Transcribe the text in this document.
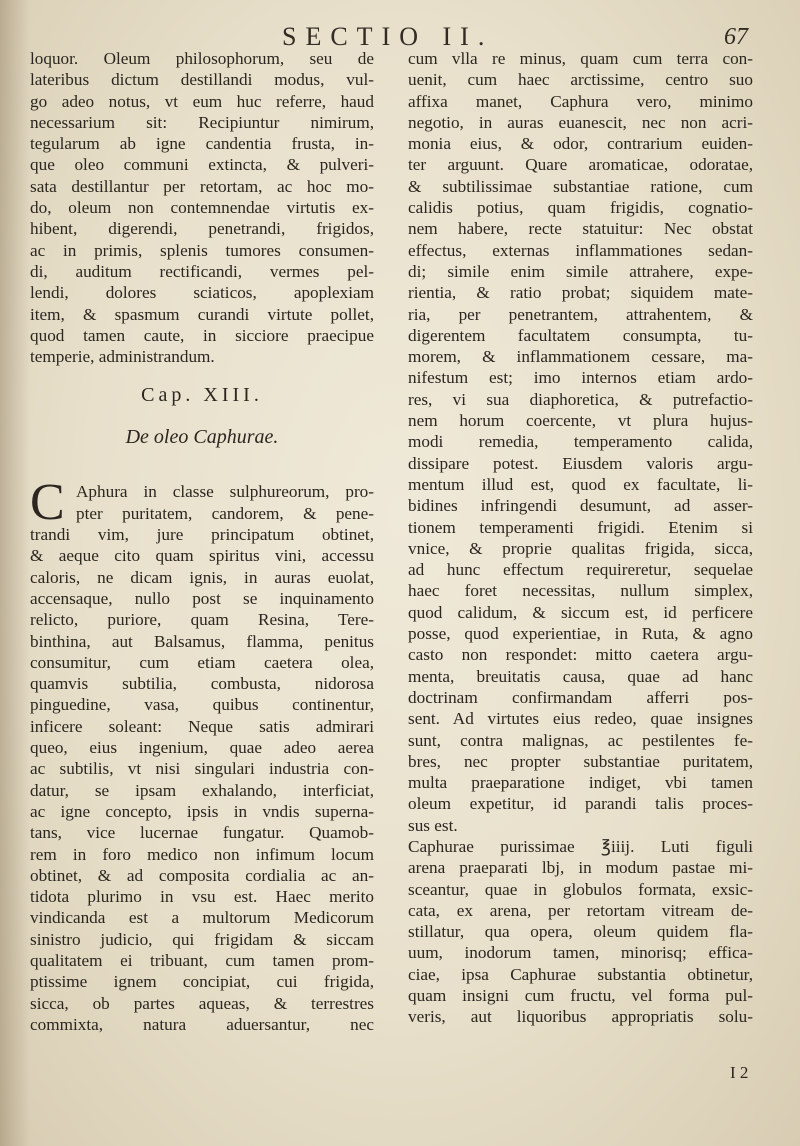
SECTIO II.	67
loquor. Oleum philosophorum, seu de
lateribus dictum destillandi modus, vul-
go adeo notus, vt eum huc referre, haud
necessarium sit: Recipiuntur nimirum,
tegularum ab igne candentia frusta, in-
que oleo communi extincta, & pulveri-
sata destillantur per retortam, ac hoc mo-
do, oleum non contemnendae virtutis ex-
hibent, digerendi, penetrandi, frigidos,
ac in primis, splenis tumores consumen-
di, auditum rectificandi, vermes pel-
lendi, dolores sciaticos, apoplexiam
item, & spasmum curandi virtute pollet,
quod tamen caute, in sicciore praecipue
temperie, administrandum.
Cap. XIII.
De oleo Caphurae.
C Aphura in classe sulphureorum, pro-
pter puritatem, candorem, & pene-
trandi vim, jure principatum obtinet,
& aeque cito quam spiritus vini, accessu
caloris, ne dicam ignis, in auras euolat,
accensaque, nullo post se inquinamento
relicto, puriore, quam Resina, Tere-
binthina, aut Balsamus, flamma, penitus
consumitur, cum etiam caetera olea,
quamvis subtilia, combusta, nidorosa
pinguedine, vasa, quibus continentur,
inficere soleant: Neque satis admirari
queo, eius ingenium, quae adeo aerea
ac subtilis, vt nisi singulari industria con-
datur, se ipsam exhalando, interficiat,
ac igne concepto, ipsis in vndis superna-
tans, vice lucernae fungatur. Quamob-
rem in foro medico non infimum locum
obtinet, & ad composita cordialia ac an-
tidota plurimo in vsu est. Haec merito
vindicanda est a multorum Medicorum
sinistro judicio, qui frigidam & siccam
qualitatem ei tribuant, cum tamen prom-
ptissime ignem concipiat, cui frigida,
sicca, ob partes aqueas, & terrestres
commixta, natura aduersantur, nec
cum vlla re minus, quam cum terra con-
uenit, cum haec arctissime, centro suo
affixa manet, Caphura vero, minimo
negotio, in auras euanescit, nec non acri-
monia eius, & odor, contrarium euiden-
ter arguunt. Quare aromaticae, odoratae,
& subtilissimae substantiae ratione, cum
calidis potius, quam frigidis, cognatio-
nem habere, recte statuitur: Nec obstat
effectus, externas inflammationes sedan-
di; simile enim simile attrahere, expe-
rientia, & ratio probat; siquidem mate-
ria, per penetrantem, attrahentem, &
digerentem facultatem consumpta, tu-
morem, & inflammationem cessare, ma-
nifestum est; imo internos etiam ardo-
res, vi sua diaphoretica, & putrefactio-
nem horum coercente, vt plura hujus-
modi remedia, temperamento calida,
dissipare potest. Eiusdem valoris argu-
mentum illud est, quod ex facultate, li-
bidines infringendi desumunt, ad asser-
tionem temperamenti frigidi. Etenim si
vnice, & proprie qualitas frigida, sicca,
ad hunc effectum requireretur, sequelae
haec foret necessitas, nullum simplex,
quod calidum, & siccum est, id perficere
posse, quod experientiae, in Ruta, & agno
casto non respondet: mitto caetera argu-
menta, breuitatis causa, quae ad hanc
doctrinam confirmandam afferri pos-
sent. Ad virtutes eius redeo, quae insignes
sunt, contra malignas, ac pestilentes fe-
bres, nec propter substantiae puritatem,
multa praeparatione indiget, vbi tamen
oleum expetitur, id parandi talis proces-
sus est.
Caphurae purissimae ℥iiij. Luti figuli
arena praeparati lbj, in modum pastae mi-
sceantur, quae in globulos formata, exsic-
cata, ex arena, per retortam vitream de-
stillatur, qua opera, oleum quidem fla-
uum, inodorum tamen, minorisq; effica-
ciae, ipsa Caphurae substantia obtinetur,
quam insigni cum fructu, vel forma pul-
veris, aut liquoribus appropriatis solu-
I 2
